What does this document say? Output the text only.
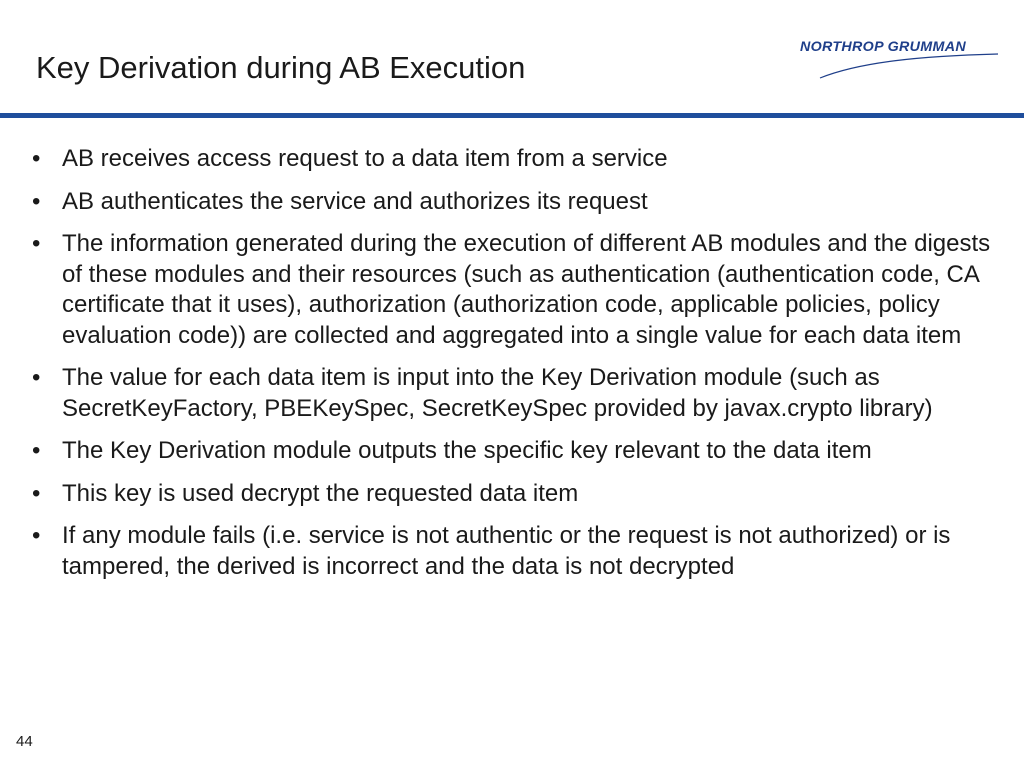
Key Derivation during AB Execution
NORTHROP GRUMMAN
• AB receives access request to a data item from a service
• AB authenticates the service and authorizes its request
• The information generated during the execution of different AB modules and the digests of these modules and their resources (such as authentication (authentication code, CA certificate that it uses), authorization (authorization code, applicable policies, policy evaluation code)) are collected and aggregated into a single value for each data item
• The value for each data item is input into the Key Derivation module (such as SecretKeyFactory, PBEKeySpec, SecretKeySpec provided by javax.crypto library)
• The Key Derivation module outputs the specific key relevant to the data item
• This key is used decrypt the requested data item
• If any module fails (i.e. service is not authentic or the request is not authorized) or is tampered, the derived is incorrect and the data is not decrypted
44
